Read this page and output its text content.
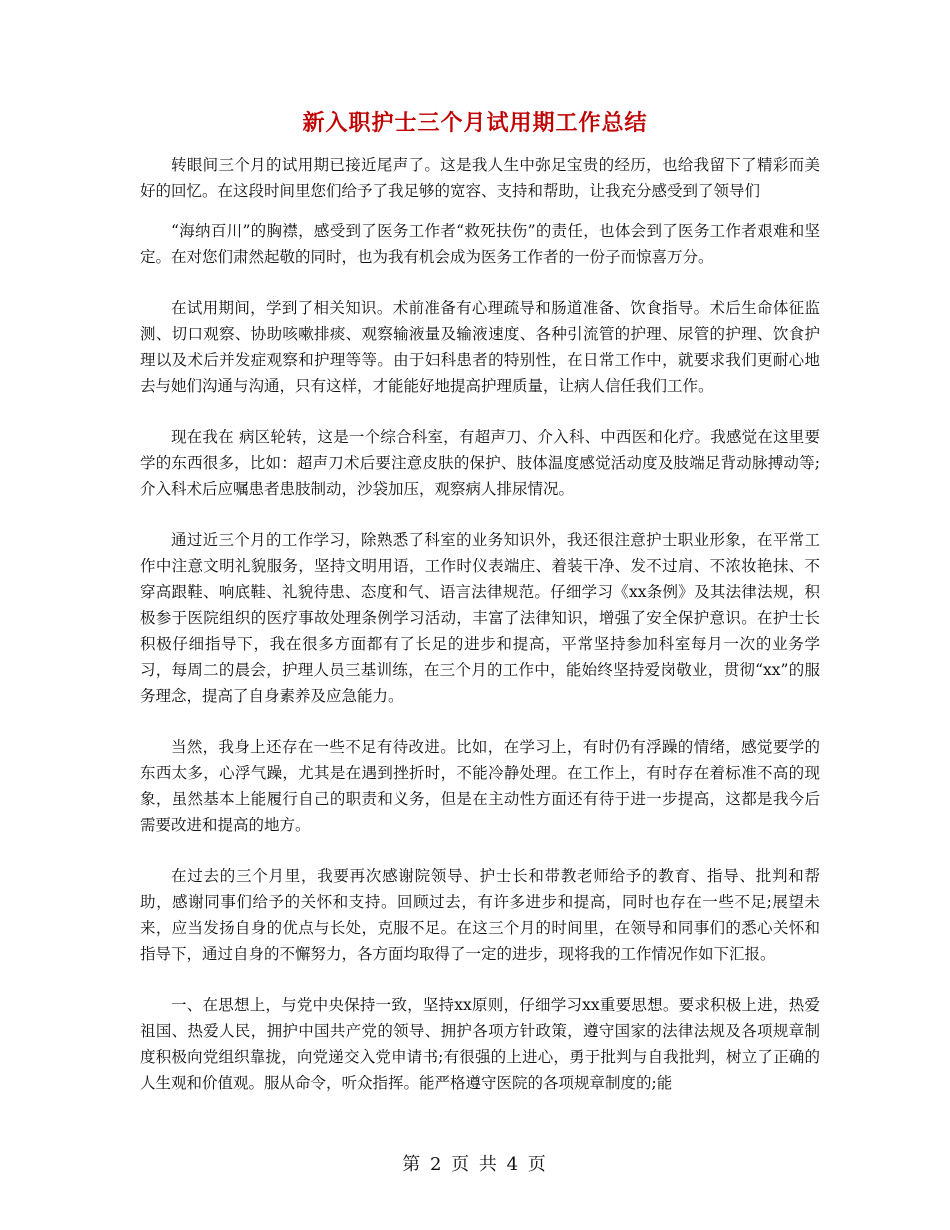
新入职护士三个月试用期工作总结

转眼间三个月的试用期已接近尾声了。这是我人生中弥足宝贵的经历，也给我留下了精彩而美好的回忆。在这段时间里您们给予了我足够的宽容、支持和帮助，让我充分感受到了领导们

“海纳百川”的胸襟，感受到了医务工作者“救死扶伤”的责任，也体会到了医务工作者艰难和坚定。在对您们肃然起敬的同时，也为我有机会成为医务工作者的一份子而惊喜万分。

在试用期间，学到了相关知识。术前准备有心理疏导和肠道准备、饮食指导。术后生命体征监测、切口观察、协助咳嗽排痰、观察输液量及输液速度、各种引流管的护理、尿管的护理、饮食护理以及术后并发症观察和护理等等。由于妇科患者的特别性，在日常工作中，就要求我们更耐心地去与她们沟通与沟通，只有这样，才能能好地提高护理质量，让病人信任我们工作。

现在我在 病区轮转，这是一个综合科室，有超声刀、介入科、中西医和化疗。我感觉在这里要学的东西很多，比如：超声刀术后要注意皮肤的保护、肢体温度感觉活动度及肢端足背动脉搏动等;介入科术后应嘱患者患肢制动，沙袋加压，观察病人排尿情况。

通过近三个月的工作学习，除熟悉了科室的业务知识外，我还很注意护士职业形象，在平常工作中注意文明礼貌服务，坚持文明用语，工作时仪表端庄、着装干净、发不过肩、不浓妆艳抹、不穿高跟鞋、响底鞋、礼貌待患、态度和气、语言法律规范。仔细学习《xx条例》及其法律法规，积极参于医院组织的医疗事故处理条例学习活动，丰富了法律知识，增强了安全保护意识。在护士长积极仔细指导下，我在很多方面都有了长足的进步和提高，平常坚持参加科室每月一次的业务学习，每周二的晨会，护理人员三基训练，在三个月的工作中，能始终坚持爱岗敬业，贯彻“xx”的服务理念，提高了自身素养及应急能力。

当然，我身上还存在一些不足有待改进。比如，在学习上，有时仍有浮躁的情绪，感觉要学的东西太多，心浮气躁，尤其是在遇到挫折时，不能冷静处理。在工作上，有时存在着标准不高的现象，虽然基本上能履行自己的职责和义务，但是在主动性方面还有待于进一步提高，这都是我今后需要改进和提高的地方。

在过去的三个月里，我要再次感谢院领导、护士长和带教老师给予的教育、指导、批判和帮助，感谢同事们给予的关怀和支持。回顾过去，有许多进步和提高，同时也存在一些不足;展望未来，应当发扬自身的优点与长处，克服不足。在这三个月的时间里，在领导和同事们的悉心关怀和指导下，通过自身的不懈努力，各方面均取得了一定的进步，现将我的工作情况作如下汇报。

一、在思想上，与党中央保持一致，坚持xx原则，仔细学习xx重要思想。要求积极上进，热爱祖国、热爱人民，拥护中国共产党的领导、拥护各项方针政策，遵守国家的法律法规及各项规章制度积极向党组织靠拢，向党递交入党申请书;有很强的上进心，勇于批判与自我批判，树立了正确的人生观和价值观。服从命令，听众指挥。能严格遵守医院的各项规章制度的;能

第 2 页 共 4 页
